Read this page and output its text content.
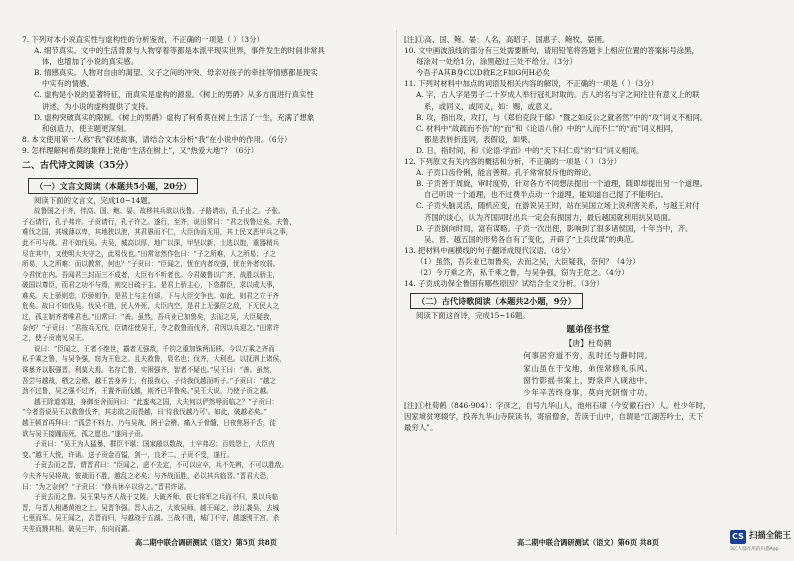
7. 下列对本小说直实性与虚构性的分析鉴赏，不正确的一项是（ ）（3分）
A. 细节真实。文中的生活背景与人物穿着等都是本派平现实世界，事件发生的时间非常具
体，也增加了小说的真实感。
B. 情感真实。人物对自由的渴望、父子之间的冲突、母亲对孩子的牵挂等情感都是现实
中实有的情感。
C. 虚构是小说的显著特征，而真实是虚构的源泉。《树上的男爵》从多方面进行真实性
讲述，为小说的虚构提供了支持。
D. 虚构突破真实的限制。《树上的男爵》虚构了柯希莫在树上生活了一生，充满了想象
和创造力，使主题更深刻。
8. 本文使用第一人称“我”叙述故事，请结合文本分析“我”在小说中的作用。（6分）
9. 怎样理解柯希莫的集释上说他“生活在树上”，又“热爱大地”？（6分）
二、古代诗文阅读（35分）
（一）文言文阅读（本题共5小题，20分）
阅读下面的文言文，完成10~14题。
故鲁国之于齐，伴高、国、鲍、晏，故移其兵欲以伐鲁。子路请出，孔子止之。子张、
子石请行，孔子弗许。子贡请行，孔子许之。遂行，至齐，说田常曰：“君之伐鲁过矣。夫鲁，
难伐之国，其城薄以卑，其地狭以泄，其君愚而不仁，大臣伪而无用，其士民又恶甲兵之事，
此不可与战。君不如伐吴。夫吴，城高以厚，地广以深，甲坚以新，士选以饱，重器精兵
尽在其中，又使明大夫守之，此易伐也。”田常忿然作色曰：“子之所难，人之所易；子之
所易，人之所难：而以教常，何也？”子贡曰：“臣闻之，忧在内者攻强，忧在外者攻弱。
今君忧在内。吾闻君三封而三不成者，大臣有不听者也。今君破鲁以广齐，战胜以骄主，
破国以尊臣，而君之功不与焉，则交日疏于主。是君上骄主心，下恣群臣，求以成大事，
难矣。夫上骄则恣，臣骄则争，是君上与主有郤，下与大臣交争也。如此，则君之立于齐
危矣。故曰不如伐吴。伐吴不胜，民人外死，大臣内空，是君上无强臣之敌，下无民人之
过，孤主制齐者唯君也。”田常曰：“善。虽然，吾兵业已加鲁矣，去而之吴，大臣疑我，
奈何？”子贡曰：“君按兵无伐，臣请往使吴王，令之救鲁而伐齐，君因以兵迎之。”田常许
之，使子贡南见吴王。
说曰：“臣闻之，王者不绝世，霸者无强敌，千钧之重加铢两而移。今以万乘之齐而
私千乘之鲁，与吴争强，窃为王危之。且夫救鲁，显名也；伐齐，大利也。以抚泗上诸侯，
诛暴齐以服强晋，利莫大焉。名存亡鲁，实困强齐，智者不疑也。”吴王曰：“善。虽然，
吾尝与越战，栖之会稽。越王苦身养士，有报我心。子待我伐越而听子。”子贡曰：“越之
劲不过鲁，吴之强不过齐，王置齐而伐越，则齐已平鲁矣。”吴王大说，乃使子贡之越。
越王除道郊迎，身御至舍而问曰：“此蛮夷之国，大夫何以俨然辱而临之？”子贡曰：
“今者吾说吴王以救鲁伐齐，其志欲之而畏越，曰‘待我伐越乃可’。如此，破越必矣。”
越王顿首再拜曰：“孤尝不料力，乃与吴战，困于会稽，痛入于骨髓，日夜焦唇干舌，徒
欲与吴王接踵而死，孤之愿也。”遂问子贡。
子贡曰：“吴王为人猛暴，群臣不堪；国家敝以数战，士卒弗忍；百姓怨上，大臣内
变。”越王大悦，许诺。送子贡金百镒，剑一，良矛二。子贡不受，遂行。
子贡去而之晋，谓晋君曰：“臣闻之，虑不先定，不可以应卒，兵不先辨，不可以胜敌。
今夫齐与吴将战，彼战而不胜，越乱之必矣；与齐战而胜，必以其兵临晋。”晋君大恐，
曰：“为之奈何？”子贡曰：“修兵休卒以待之。”晋君许诺。
子贡去而之鲁。吴王果与齐人战于艾陵，大破齐师，获七将军之兵而不归，果以兵临
晋，与晋人相遇黄池之上。吴晋争强。晋人击之，大败吴师。越王闻之，涉江袭吴，去城
七里而军。吴王闻之，去晋而归，与越战于五湖。三战不胜，城门不守，越遂围王宫，杀
夫差而戮其相。破吴三年，东向而霸。
高二期中联合调研测试（语文）第5页 共8页
[注]①高、国、鲍、晏：人名，高昭子、国惠子、鲍牧、晏圉。
10. 文中画波浪线的部分有三处需要断句，请用铅笔将答题卡上相应位置的答案标号涂黑，
每涂对一处给1分，涂黑超过三处不给分。（3分）
今吾子A其B身C以D救E之F如G何H必矣
11. 下列对材料中加点的词语及相关内容的解说，不正确的一项是（ ）（3分）
A. 字，古人字是男子二十岁成人举行冠礼时取的。古人的名与字之间往往有意义上的联
系，或同义，或同义，如：赐，或意义。
B. 攻，指出攻，攻打，与《郑伯克段于鄢》“暨之如反公之就者然”中的“攻”词义不相同。
C. 材料中“故疏而不伤”的“而”和《论语八佾》中的“人而不仁”的“而”词义相同，
都是表转折连词，表假设，如果。
D. 日，指时间，和《论语·学而》中的“天下归仁焉”的“归”词义相同。
12. 下列原文有关内容的概括和分析，不正确的一项是（ ）（3分）
A. 子贡口齿伶俐，能言善辩。孔子常常驳斥他的辩论。
B. 子贡善于周旋，审时度势，针对各方不同想法提出一个道理，随即却提出另一个道理。
自己听说一个道理，也不过费半点动一个道理，能知道自己提了不能明白。
C. 子贡头脑灵活，随机应变，在游说吴王时，站在吴国立场上说利害关系，与越王对付
齐国的谈心，认为齐国同时出兵一定会有损国力，最后越国就利用抗吴局面。
D. 子贡倒向时局，富有谋略。子贡一次出使，影响到了很多诸侯国，十年当中，齐、
吴、晋、越五国的形势各自有了变化，开辟了“上兵伐谋”的典范。
13. 把材料中画横线的句子翻译成现代汉语。（8分）
（1）虽然，吾兵业已加鲁矣，去而之吴，大臣疑我，奈何？（4分）
（2）今万乘之齐，私千乘之鲁，与吴争强，窃为王危之。（4分）
14. 子贡成功保全鲁国有哪些原因？试结合全文分析。（3分）
（二）古代诗歌阅读（本题共2小题，9分）
阅读下面这首诗，完成15~16题。
题弟侄书堂
【唐】杜荀鹤
何事居穷道不穷，乱时还与静时同。
家山虽在干戈地，弟侄常修礼乐风。
窗竹影摇书案上，野泉声入砚池中。
少年辛苦终身事，莫向光阴惰寸功。
[注]①杜荀鹤（846-904）：字彦之，自号九华山人，池州石埭（今安徽石台）人。杜少年时，
因家境贫寒辍学，投奔九华山寺院读书，寄宿僧舍，苦读于山中，自谓是“江湖苦吟士，天下
最穷人”。
高二期中联合调研测试（语文）第6页 共8页
CS 扫描全能王
3亿人都在用的扫描App
